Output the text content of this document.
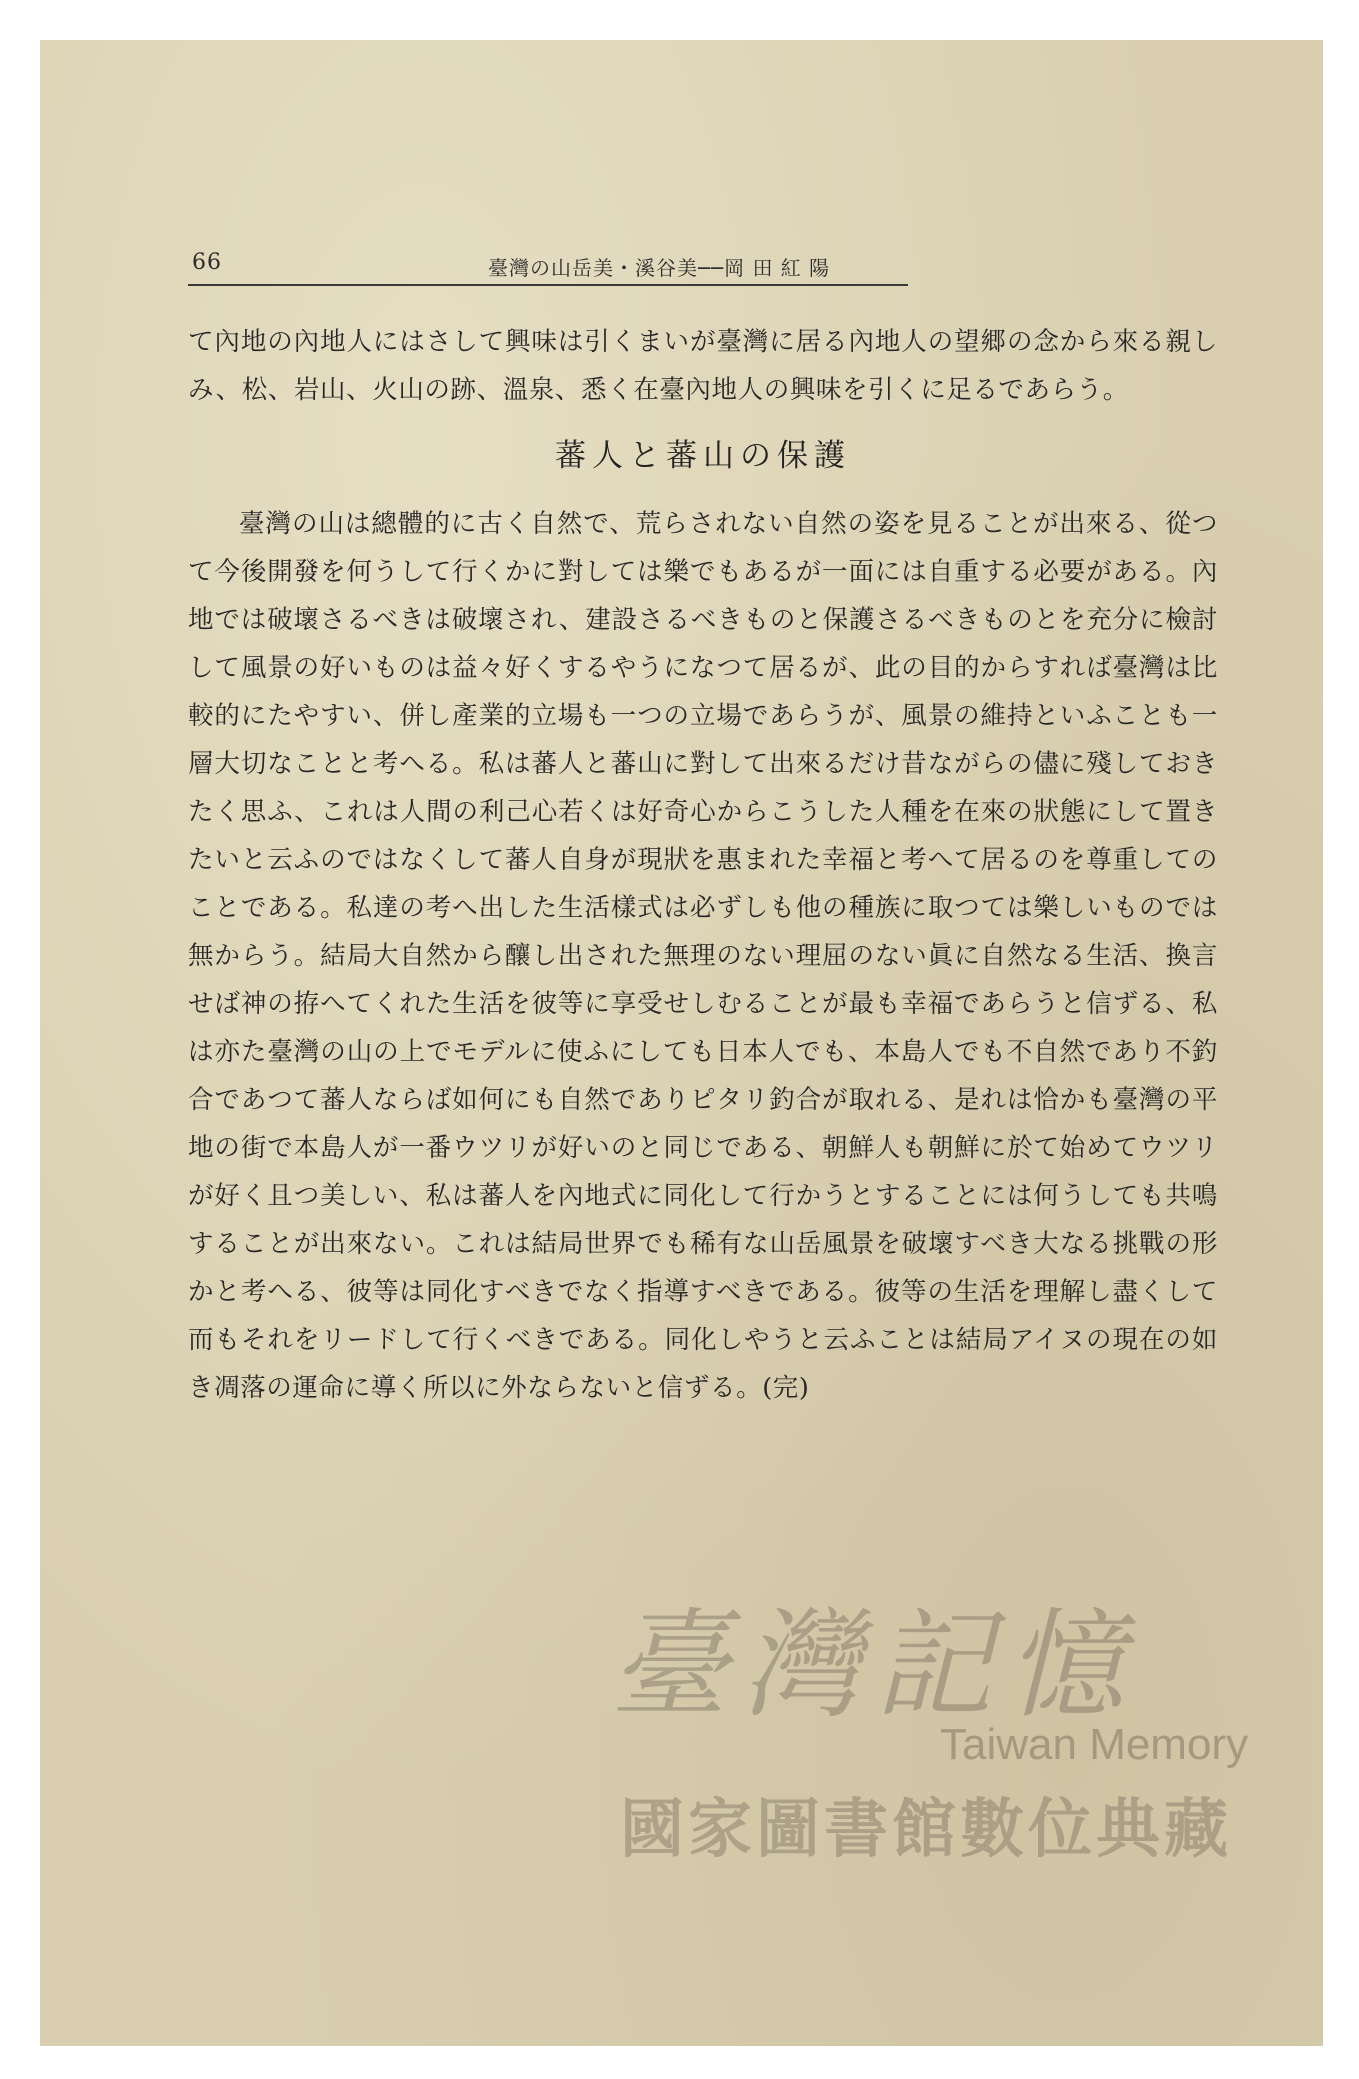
66	臺灣の山岳美・溪谷美──岡 田 紅 陽

て內地の內地人にはさして興味は引くまいが臺灣に居る內地人の望郷の念から來る親しみ、松、岩山、火山の跡、溫泉、悉く在臺內地人の興味を引くに足るであらう。

蕃人と蕃山の保護

臺灣の山は總體的に古く自然で、荒らされない自然の姿を見ることが出來る、從つて今後開發を何うして行くかに對しては樂でもあるが一面には自重する必要がある。內地では破壞さるべきは破壞され、建設さるべきものと保護さるべきものとを充分に檢討して風景の好いものは益々好くするやうになつて居るが、此の目的からすれば臺灣は比較的にたやすい、併し產業的立場も一つの立場であらうが、風景の維持といふことも一層大切なことと考へる。私は蕃人と蕃山に對して出來るだけ昔ながらの儘に殘しておきたく思ふ、これは人間の利己心若くは好奇心からこうした人種を在來の狀態にして置きたいと云ふのではなくして蕃人自身が現狀を惠まれた幸福と考へて居るのを尊重してのことである。私達の考へ出した生活樣式は必ずしも他の種族に取つては樂しいものでは無からう。結局大自然から釀し出された無理のない理屈のない眞に自然なる生活、換言せば神の拵へてくれた生活を彼等に享受せしむることが最も幸福であらうと信ずる、私は亦た臺灣の山の上でモデルに使ふにしても日本人でも、本島人でも不自然であり不釣合であつて蕃人ならば如何にも自然でありピタリ釣合が取れる、是れは恰かも臺灣の平地の街で本島人が一番ウツリが好いのと同じである、朝鮮人も朝鮮に於て始めてウツリが好く且つ美しい、私は蕃人を內地式に同化して行かうとすることには何うしても共鳴することが出來ない。これは結局世界でも稀有な山岳風景を破壞すべき大なる挑戰の形かと考へる、彼等は同化すべきでなく指導すべきである。彼等の生活を理解し盡くして而もそれをリードして行くべきである。同化しやうと云ふことは結局アイヌの現在の如き凋落の運命に導く所以に外ならないと信ずる。(完)

臺灣記憶
Taiwan Memory
國家圖書館數位典藏
